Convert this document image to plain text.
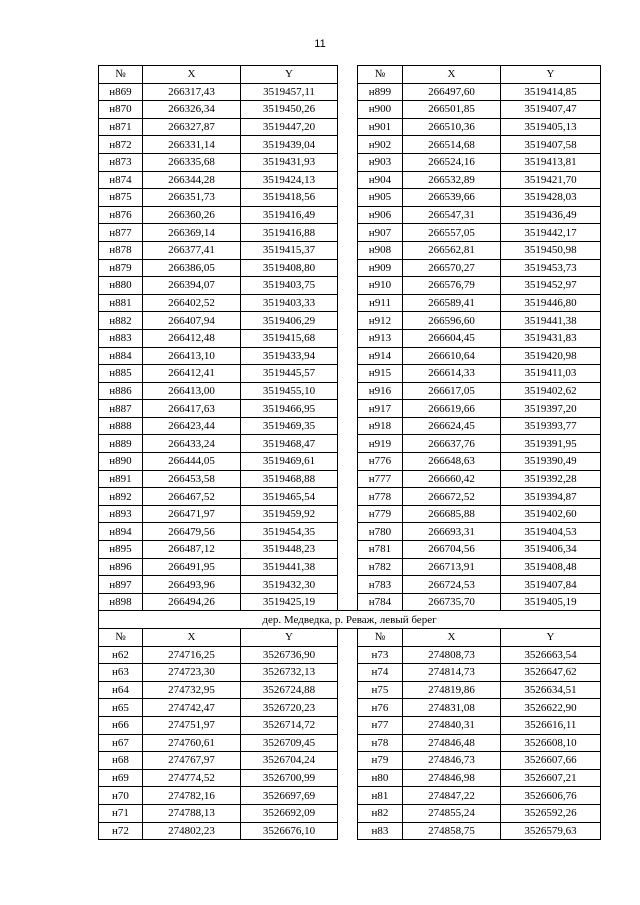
11
№	X	Y		№	X	Y
н869	266317,43	3519457,11		н899	266497,60	3519414,85
н870	266326,34	3519450,26		н900	266501,85	3519407,47
н871	266327,87	3519447,20		н901	266510,36	3519405,13
н872	266331,14	3519439,04		н902	266514,68	3519407,58
н873	266335,68	3519431,93		н903	266524,16	3519413,81
н874	266344,28	3519424,13		н904	266532,89	3519421,70
н875	266351,73	3519418,56		н905	266539,66	3519428,03
н876	266360,26	3519416,49		н906	266547,31	3519436,49
н877	266369,14	3519416,88		н907	266557,05	3519442,17
н878	266377,41	3519415,37		н908	266562,81	3519450,98
н879	266386,05	3519408,80		н909	266570,27	3519453,73
н880	266394,07	3519403,75		н910	266576,79	3519452,97
н881	266402,52	3519403,33		н911	266589,41	3519446,80
н882	266407,94	3519406,29		н912	266596,60	3519441,38
н883	266412,48	3519415,68		н913	266604,45	3519431,83
н884	266413,10	3519433,94		н914	266610,64	3519420,98
н885	266412,41	3519445,57		н915	266614,33	3519411,03
н886	266413,00	3519455,10		н916	266617,05	3519402,62
н887	266417,63	3519466,95		н917	266619,66	3519397,20
н888	266423,44	3519469,35		н918	266624,45	3519393,77
н889	266433,24	3519468,47		н919	266637,76	3519391,95
н890	266444,05	3519469,61		н776	266648,63	3519390,49
н891	266453,58	3519468,88		н777	266660,42	3519392,28
н892	266467,52	3519465,54		н778	266672,52	3519394,87
н893	266471,97	3519459,92		н779	266685,88	3519402,60
н894	266479,56	3519454,35		н780	266693,31	3519404,53
н895	266487,12	3519448,23		н781	266704,56	3519406,34
н896	266491,95	3519441,38		н782	266713,91	3519408,48
н897	266493,96	3519432,30		н783	266724,53	3519407,84
н898	266494,26	3519425,19		н784	266735,70	3519405,19
дер. Медведка, р. Реваж, левый берег						
№	X	Y		№	X	Y
н62	274716,25	3526736,90		н73	274808,73	3526663,54
н63	274723,30	3526732,13		н74	274814,73	3526647,62
н64	274732,95	3526724,88		н75	274819,86	3526634,51
н65	274742,47	3526720,23		н76	274831,08	3526622,90
н66	274751,97	3526714,72		н77	274840,31	3526616,11
н67	274760,61	3526709,45		н78	274846,48	3526608,10
н68	274767,97	3526704,24		н79	274846,73	3526607,66
н69	274774,52	3526700,99		н80	274846,98	3526607,21
н70	274782,16	3526697,69		н81	274847,22	3526606,76
н71	274788,13	3526692,09		н82	274855,24	3526592,26
н72	274802,23	3526676,10		н83	274858,75	3526579,63
